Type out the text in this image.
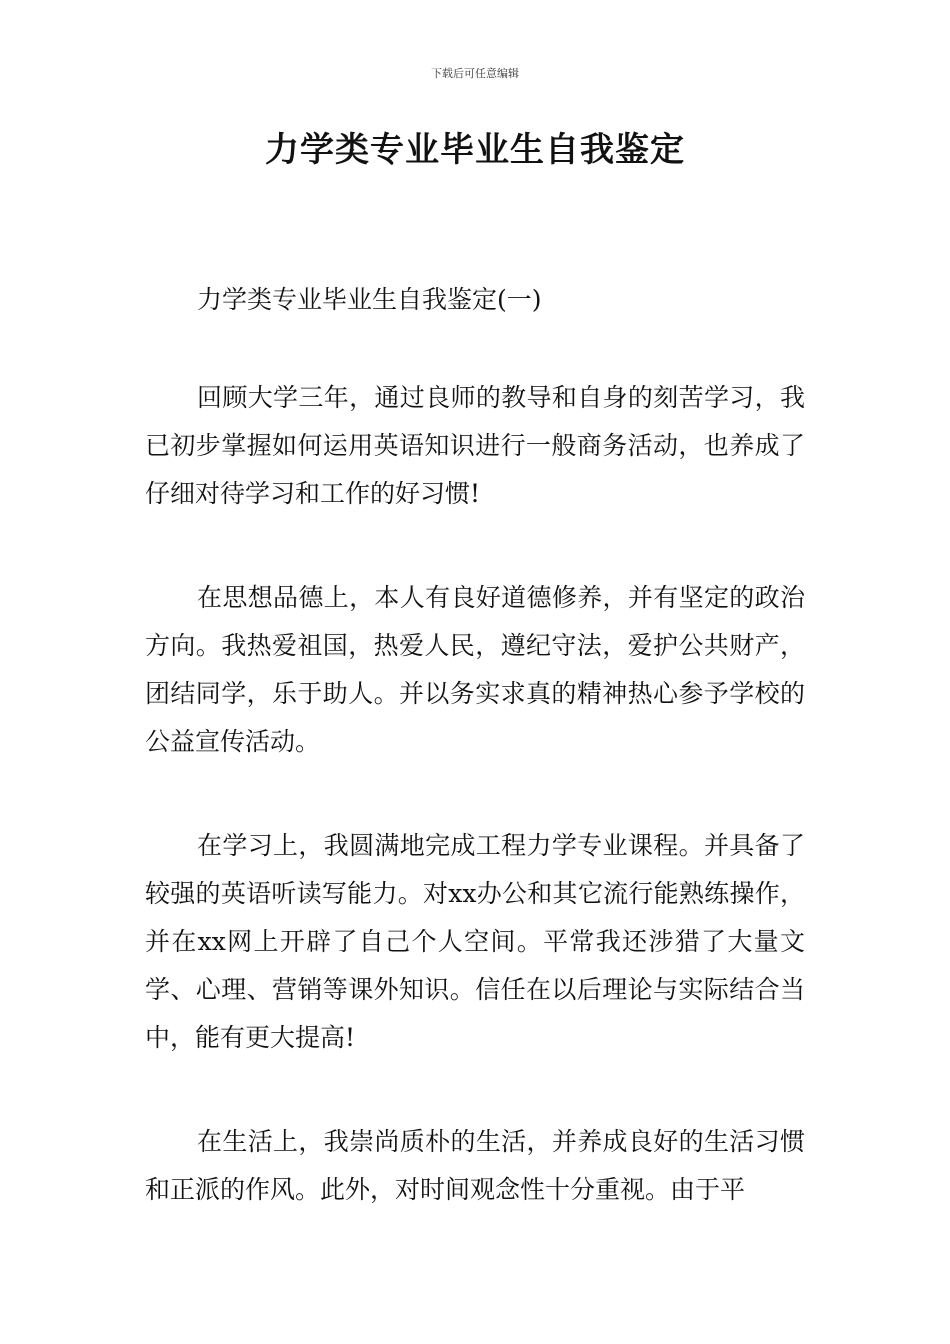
下载后可任意编辑
力学类专业毕业生自我鉴定

力学类专业毕业生自我鉴定(一)

回顾大学三年，通过良师的教导和自身的刻苦学习，我已初步掌握如何运用英语知识进行一般商务活动，也养成了仔细对待学习和工作的好习惯!

在思想品德上，本人有良好道德修养，并有坚定的政治方向。我热爱祖国，热爱人民，遵纪守法，爱护公共财产，团结同学，乐于助人。并以务实求真的精神热心参予学校的公益宣传活动。

在学习上，我圆满地完成工程力学专业课程。并具备了较强的英语听读写能力。对xx办公和其它流行能熟练操作，并在xx网上开辟了自己个人空间。平常我还涉猎了大量文学、心理、营销等课外知识。信任在以后理论与实际结合当中，能有更大提高!

在生活上，我崇尚质朴的生活，并养成良好的生活习惯和正派的作风。此外，对时间观念性十分重视。由于平
